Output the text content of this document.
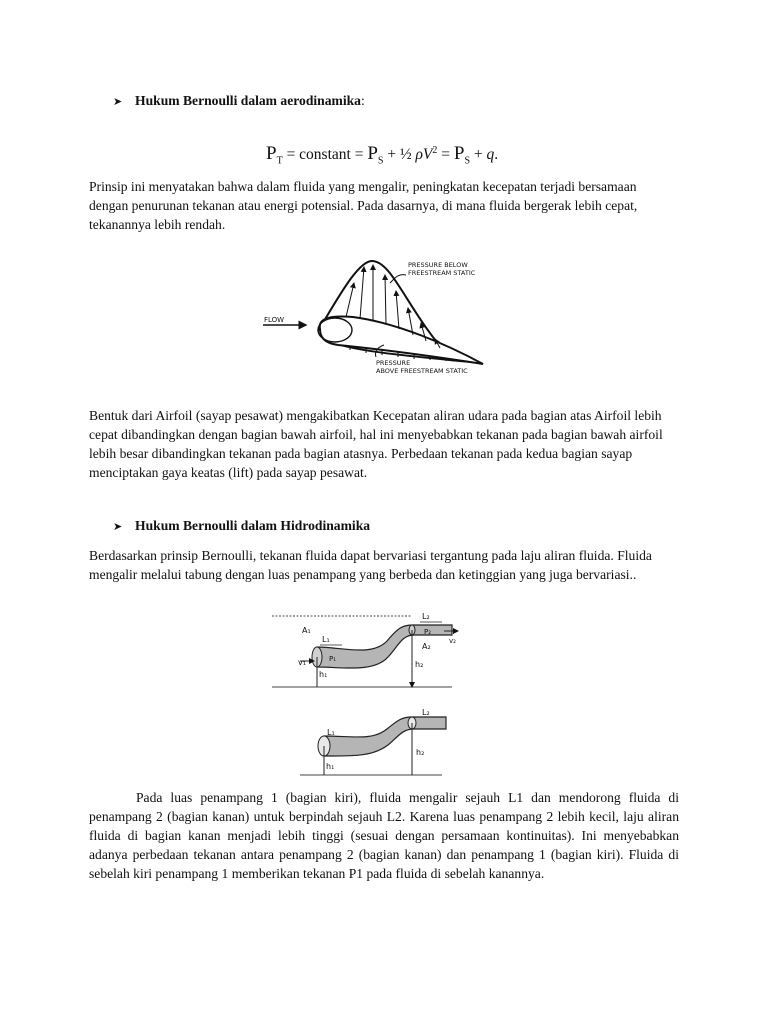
➤ Hukum Bernoulli dalam aerodinamika:
$P_T$ = constant = $P_S$ + ½ $\rho V^2 = P_S + q$.

Prinsip ini menyatakan bahwa dalam fluida yang mengalir, peningkatan kecepatan terjadi bersamaan dengan penurunan tekanan atau energi potensial. Pada dasarnya, di mana fluida bergerak lebih cepat, tekanannya lebih rendah.

FLOW
PRESSURE BELOW
FREESTREAM STATIC
PRESSURE
ABOVE FREESTREAM STATIC

Bentuk dari Airfoil (sayap pesawat) mengakibatkan Kecepatan aliran udara pada bagian atas Airfoil lebih cepat dibandingkan dengan bagian bawah airfoil, hal ini menyebabkan tekanan pada bagian bawah airfoil lebih besar dibandingkan tekanan pada bagian atasnya. Perbedaan tekanan pada kedua bagian sayap menciptakan gaya keatas (lift) pada sayap pesawat.

➤ Hukum Bernoulli dalam Hidrodinamika

Berdasarkan prinsip Bernoulli, tekanan fluida dapat bervariasi tergantung pada laju aliran fluida. Fluida mengalir melalui tabung dengan luas penampang yang berbeda dan ketinggian yang juga bervariasi..

A₁
L₁
v₁
h₁
P₁
L₂
P₂
v₂
A₂
h₂
L₁
h₁
L₂
h₂

Pada luas penampang 1 (bagian kiri), fluida mengalir sejauh L1 dan mendorong fluida di penampang 2 (bagian kanan) untuk berpindah sejauh L2. Karena luas penampang 2 lebih kecil, laju aliran fluida di bagian kanan menjadi lebih tinggi (sesuai dengan persamaan kontinuitas). Ini menyebabkan adanya perbedaan tekanan antara penampang 2 (bagian kanan) dan penampang 1 (bagian kiri). Fluida di sebelah kiri penampang 1 memberikan tekanan P1 pada fluida di sebelah kanannya.
